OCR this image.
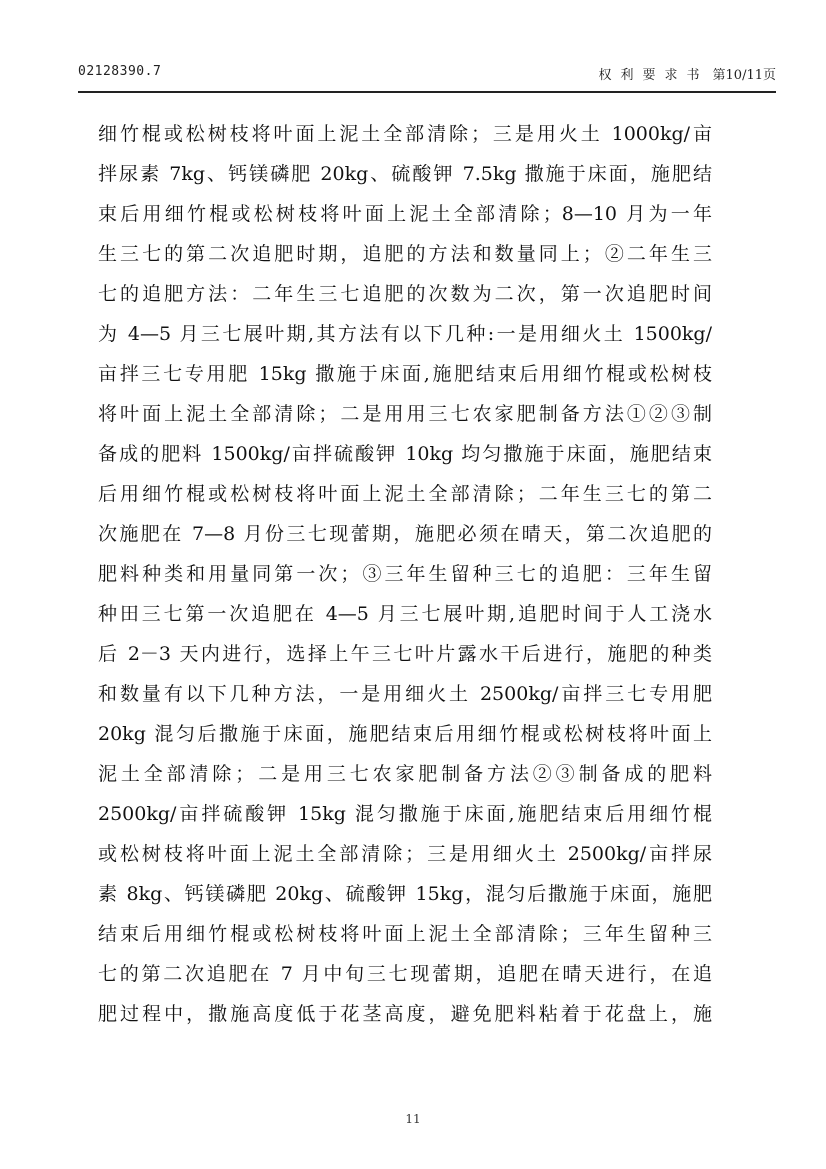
02128390.7	权利要求书 第10/11页
细竹棍或松树枝将叶面上泥土全部清除；三是用火土 1000kg/亩
拌尿素 7kg、钙镁磷肥 20kg、硫酸钾 7.5kg 撒施于床面，施肥结
束后用细竹棍或松树枝将叶面上泥土全部清除；8—10 月为一年
生三七的第二次追肥时期，追肥的方法和数量同上；②二年生三
七的追肥方法：二年生三七追肥的次数为二次，第一次追肥时间
为 4—5 月三七展叶期,其方法有以下几种:一是用细火土 1500kg/
亩拌三七专用肥 15kg 撒施于床面,施肥结束后用细竹棍或松树枝
将叶面上泥土全部清除；二是用用三七农家肥制备方法①②③制
备成的肥料 1500kg/亩拌硫酸钾 10kg 均匀撒施于床面，施肥结束
后用细竹棍或松树枝将叶面上泥土全部清除；二年生三七的第二
次施肥在 7—8 月份三七现蕾期，施肥必须在晴天，第二次追肥的
肥料种类和用量同第一次；③三年生留种三七的追肥：三年生留
种田三七第一次追肥在 4—5 月三七展叶期,追肥时间于人工浇水
后 2－3 天内进行，选择上午三七叶片露水干后进行，施肥的种类
和数量有以下几种方法，一是用细火土 2500kg/亩拌三七专用肥
20kg 混匀后撒施于床面，施肥结束后用细竹棍或松树枝将叶面上
泥土全部清除；二是用三七农家肥制备方法②③制备成的肥料
2500kg/亩拌硫酸钾 15kg 混匀撒施于床面,施肥结束后用细竹棍
或松树枝将叶面上泥土全部清除；三是用细火土 2500kg/亩拌尿
素 8kg、钙镁磷肥 20kg、硫酸钾 15kg，混匀后撒施于床面，施肥
结束后用细竹棍或松树枝将叶面上泥土全部清除；三年生留种三
七的第二次追肥在 7 月中旬三七现蕾期，追肥在晴天进行，在追
肥过程中，撒施高度低于花茎高度，避免肥料粘着于花盘上，施
11
